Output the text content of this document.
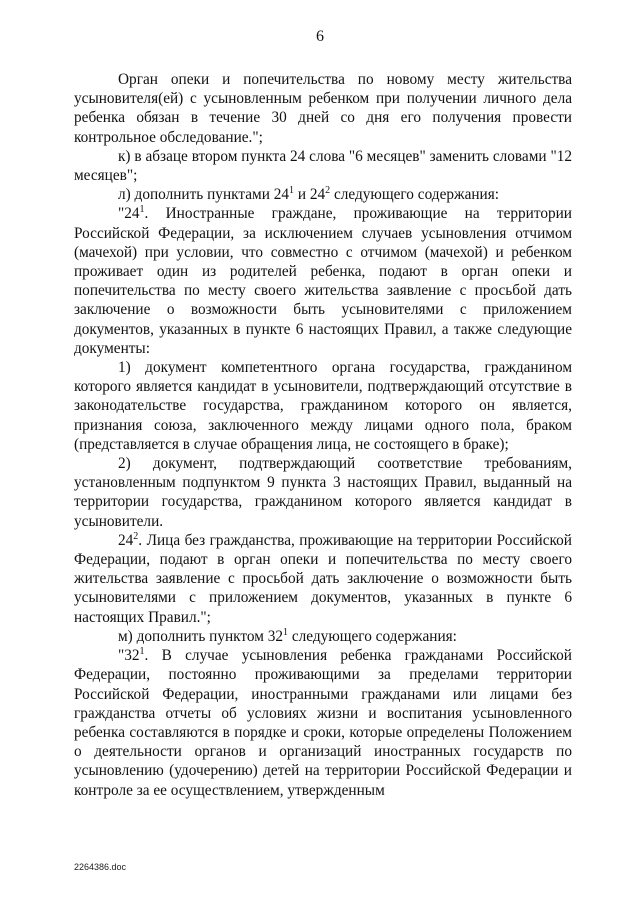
6

Орган опеки и попечительства по новому месту жительства усыновителя(ей) с усыновленным ребенком при получении личного дела ребенка обязан в течение 30 дней со дня его получения провести контрольное обследование.";

к) в абзаце втором пункта 24 слова "6 месяцев" заменить словами "12 месяцев";

л) дополнить пунктами $24^1$ и $24^2$ следующего содержания:

"$24^1$. Иностранные граждане, проживающие на территории Российской Федерации, за исключением случаев усыновления отчимом (мачехой) при условии, что совместно с отчимом (мачехой) и ребенком проживает один из родителей ребенка, подают в орган опеки и попечительства по месту своего жительства заявление с просьбой дать заключение о возможности быть усыновителями с приложением документов, указанных в пункте 6 настоящих Правил, а также следующие документы:

1) документ компетентного органа государства, гражданином которого является кандидат в усыновители, подтверждающий отсутствие в законодательстве государства, гражданином которого он является, признания союза, заключенного между лицами одного пола, браком (представляется в случае обращения лица, не состоящего в браке);

2) документ, подтверждающий соответствие требованиям, установленным подпунктом 9 пункта 3 настоящих Правил, выданный на территории государства, гражданином которого является кандидат в усыновители.

$24^2$. Лица без гражданства, проживающие на территории Российской Федерации, подают в орган опеки и попечительства по месту своего жительства заявление с просьбой дать заключение о возможности быть усыновителями с приложением документов, указанных в пункте 6 настоящих Правил.";

м) дополнить пунктом $32^1$ следующего содержания:

"$32^1$. В случае усыновления ребенка гражданами Российской Федерации, постоянно проживающими за пределами территории Российской Федерации, иностранными гражданами или лицами без гражданства отчеты об условиях жизни и воспитания усыновленного ребенка составляются в порядке и сроки, которые определены Положением о деятельности органов и организаций иностранных государств по усыновлению (удочерению) детей на территории Российской Федерации и контроле за ее осуществлением, утвержденным

2264386.doc
